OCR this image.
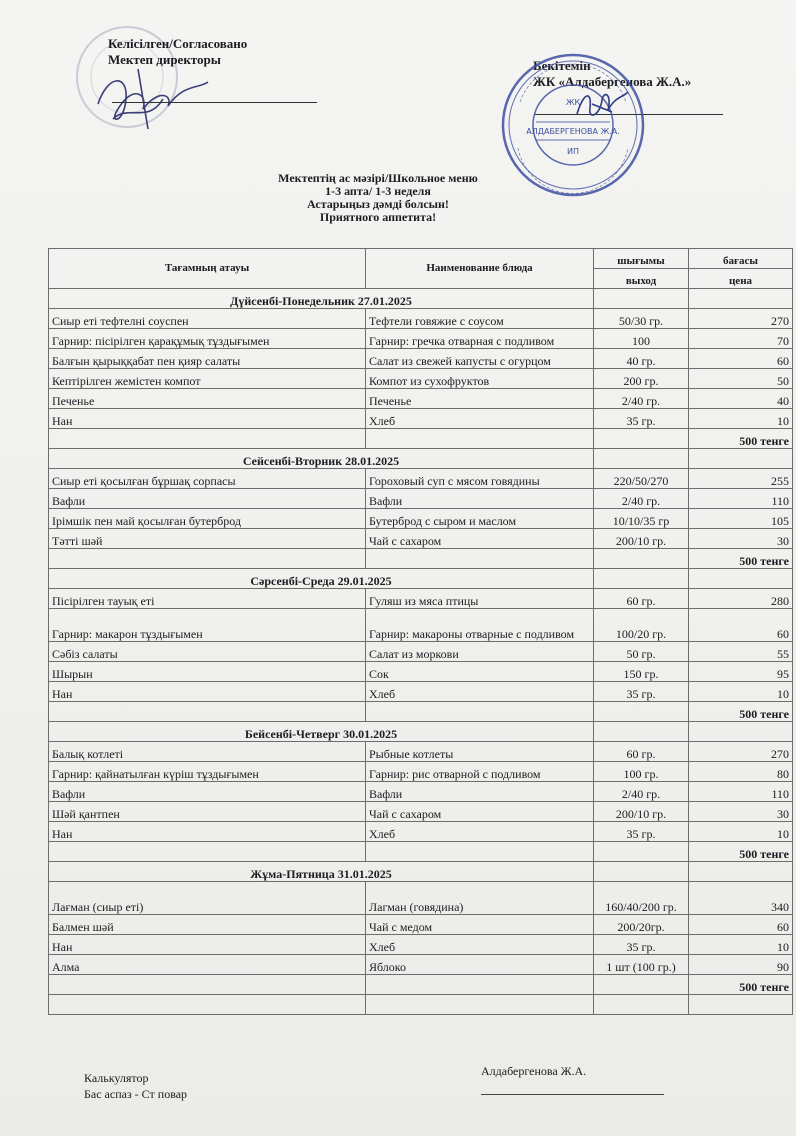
Келісілген/Согласовано
Мектеп директоры	Бекітемін
ЖК «Алдабергенова Ж.А.»
ЖК
АЛДАБЕРГЕНОВА Ж.А.
ИП
Мектептің ас мәзірі/Школьное меню
1-3 апта/ 1-3 неделя
Астарыңыз дәмді болсын!
Приятного аппетита!
Тағамның атауы	Наименование блюда	шығымы	бағасы
		выход	цена
Дүйсенбі-Понедельник 27.01.2025			
Сиыр еті тефтелні соуспен	Тефтели говяжие с соусом	50/30 гр.	270
Гарнир: пісірілген қарақұмық тұздығымен	Гарнир: гречка отварная с подливом	100	70
Балғын қырыққабат пен қияр салаты	Салат из свежей капусты с огурцом	40 гр.	60
Кептірілген жемістен компот	Компот из сухофруктов	200 гр.	50
Печенье	Печенье	2/40 гр.	40
Нан	Хлеб	35 гр.	10
			500 тенге
Сейсенбі-Вторник 28.01.2025			
Сиыр еті қосылған бұршақ сорпасы	Гороховый суп с мясом говядины	220/50/270	255
Вафли	Вафли	2/40 гр.	110
Ірімшік пен май қосылған бутерброд	Бутерброд с сыром и маслом	10/10/35 гр	105
Тәтті шәй	Чай с сахаром	200/10 гр.	30
			500 тенге
Сәрсенбі-Среда 29.01.2025			
Пісірілген тауық еті	Гуляш из мяса птицы	60 гр.	280
Гарнир: макарон тұздығымен	Гарнир: макароны отварные с подливом	100/20 гр.	60
Сәбіз салаты	Салат из моркови	50 гр.	55
Шырын	Сок	150 гр.	95
Нан	Хлеб	35 гр.	10
			500 тенге
Бейсенбі-Четверг 30.01.2025			
Балық котлеті	Рыбные котлеты	60 гр.	270
Гарнир: қайнатылған күріш тұздығымен	Гарнир: рис отварной с подливом	100 гр.	80
Вафли	Вафли	2/40 гр.	110
Шәй қантпен	Чай с сахаром	200/10 гр.	30
Нан	Хлеб	35 гр.	10
			500 тенге
Жұма-Пятница 31.01.2025			
Лағман (сиыр еті)	Лагман (говядина)	160/40/200 гр.	340
Балмен шәй	Чай с медом	200/20гр.	60
Нан	Хлеб	35 гр.	10
Алма	Яблоко	1 шт (100 гр.)	90
			500 тенге

Калькулятор
Бас аспаз - Ст повар
Алдабергенова Ж.А.
